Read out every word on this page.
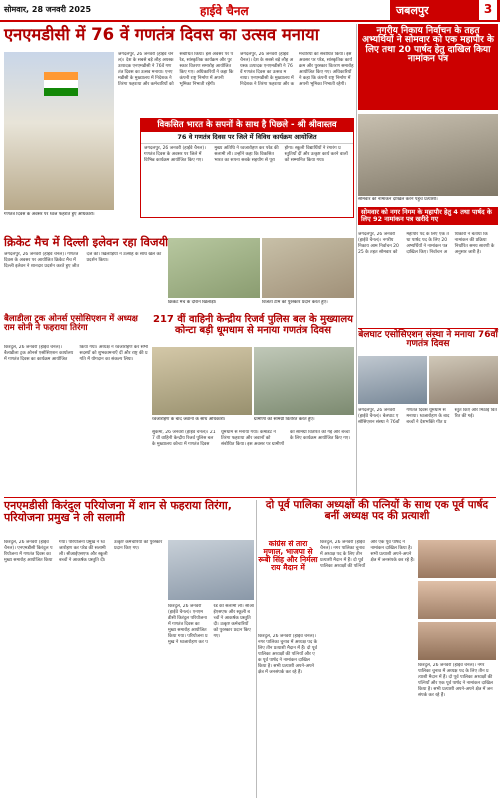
सोमवार, 28 जनवरी 2025	हाईवे चैनल	जबलपुर	3
एनएमडीसी में 76 वें गणतंत्र दिवस का उत्सव मनाया
गणतंत्र दिवस के अवसर पर ध्वज फहराते हुए अधिकारी।
जगदलपुर, 26 जनवरी (हाईवे चैनल)। देश के सबसे बड़े लौह अयस्क उत्पादक एनएमडीसी ने 76वें गणतंत्र दिवस का उत्सव मनाया। एनएमडीसी के मुख्यालय में निदेशक ने तिरंगा फहराया और कर्मचारियों को संबोधित किया। इस अवसर पर परेड, सांस्कृतिक कार्यक्रम और पुरस्कार वितरण समारोह आयोजित किए गए। अधिकारियों ने कहा कि कंपनी राष्ट्र निर्माण में अपनी भूमिका निभाती रहेगी।
जगदलपुर, 26 जनवरी (हाईवे चैनल)। देश के सबसे बड़े लौह अयस्क उत्पादक एनएमडीसी ने 76वें गणतंत्र दिवस का उत्सव मनाया। एनएमडीसी के मुख्यालय में निदेशक ने तिरंगा फहराया और कर्मचारियों को संबोधित किया। इस अवसर पर परेड, सांस्कृतिक कार्यक्रम और पुरस्कार वितरण समारोह आयोजित किए गए। अधिकारियों ने कहा कि कंपनी राष्ट्र निर्माण में अपनी भूमिका निभाती रहेगी।
विकसित भारत के सपनों के साथ है पिछले - श्री श्रीवास्तव
76 वे गणतंत्र दिवस पर जिले में विविध कार्यक्रम आयोजित
जगदलपुर, 26 जनवरी (हाईवे चैनल)। गणतंत्र दिवस के अवसर पर जिले में विभिन्न कार्यक्रम आयोजित किए गए। मुख्य अतिथि ने ध्वजारोहण कर परेड की सलामी ली। उन्होंने कहा कि विकसित भारत का सपना सबके सहयोग से पूरा होगा। स्कूली विद्यार्थियों ने रंगारंग प्रस्तुतियाँ दीं और उत्कृष्ट कार्य करने वालों को सम्मानित किया गया।
क्रिकेट मैच में दिल्ली इलेवन रहा विजयी
जगदलपुर, 26 जनवरी (हाईवे चैनल)। गणतंत्र दिवस के अवसर पर आयोजित क्रिकेट मैच में दिल्ली इलेवन ने शानदार प्रदर्शन करते हुए जीत दर्ज की। खिलाड़ियों ने उत्साह के साथ खेल का प्रदर्शन किया।
क्रिकेट मैच के दौरान खिलाड़ी।	विजेता टीम को पुरस्कार प्रदान करते हुए।
बैलाडीला ट्रक ओनर्स एसोसिएशन में अध्यक्ष राम सोनी ने फहराया तिरंगा
किरंदुल, 26 जनवरी (हाईवे चैनल)। बैलाडीला ट्रक ओनर्स एसोसिएशन कार्यालय में गणतंत्र दिवस का कार्यक्रम आयोजित किया गया। अध्यक्ष ने ध्वजारोहण कर सभी सदस्यों को शुभकामनाएँ दीं और राष्ट्र की प्रगति में योगदान का संकल्प लिया।
217 वीं वाहिनी केन्द्रीय रिजर्व पुलिस बल के मुख्यालय कोन्टा बड़ी धूमधाम से मनाया गणतंत्र दिवस
ध्वजारोहण के बाद जवानों के साथ अधिकारी।	ग्रामीणों को सामग्री वितरित करते हुए।
सुकमा, 26 जनवरी (हाईवे चैनल)। 217 वीं वाहिनी केन्द्रीय रिजर्व पुलिस बल के मुख्यालय कोन्टा में गणतंत्र दिवस धूमधाम से मनाया गया। कमांडेंट ने तिरंगा फहराया और जवानों को संबोधित किया। इस अवसर पर ग्रामीणों को सामग्री वितरित की गई और बच्चों के लिए कार्यक्रम आयोजित किए गए।
एनएमडीसी किरंदुल परियोजना में शान से फहराया तिरंगा, परियोजना प्रमुख ने ली सलामी
किरंदुल, 26 जनवरी (हाईवे चैनल)। एनएमडीसी किरंदुल परियोजना में गणतंत्र दिवस का मुख्य समारोह आयोजित किया गया। परियोजना प्रमुख ने ध्वजारोहण कर परेड की सलामी ली। सीआईएसएफ और स्कूली बच्चों ने आकर्षक प्रस्तुति दी। उत्कृष्ट कर्मचारियों को पुरस्कार प्रदान किए गए।
किरंदुल, 26 जनवरी (हाईवे चैनल)। एनएमडीसी किरंदुल परियोजना में गणतंत्र दिवस का मुख्य समारोह आयोजित किया गया। परियोजना प्रमुख ने ध्वजारोहण कर परेड की सलामी ली। सीआईएसएफ और स्कूली बच्चों ने आकर्षक प्रस्तुति दी। उत्कृष्ट कर्मचारियों को पुरस्कार प्रदान किए गए।
दो पूर्व पालिका अध्यक्षों की पत्नियों के साथ एक पूर्व पार्षद बनीं अध्यक्ष पद की प्रत्याशी
कांग्रेस से तारा मृणाल, भाजपा से रूबी सिंह और निर्मला राय मैदान में
किरंदुल, 26 जनवरी (हाईवे चैनल)। नगर पालिका चुनाव में अध्यक्ष पद के लिए तीन प्रत्याशी मैदान में हैं। दो पूर्व पालिका अध्यक्षों की पत्नियाँ और एक पूर्व पार्षद ने नामांकन दाखिल किया है। सभी प्रत्याशी अपने-अपने क्षेत्र में जनसंपर्क कर रहे हैं।
किरंदुल, 26 जनवरी (हाईवे चैनल)। नगर पालिका चुनाव में अध्यक्ष पद के लिए तीन प्रत्याशी मैदान में हैं। दो पूर्व पालिका अध्यक्षों की पत्नियाँ और एक पूर्व पार्षद ने नामांकन दाखिल किया है। सभी प्रत्याशी अपने-अपने क्षेत्र में जनसंपर्क कर रहे हैं।
किरंदुल, 26 जनवरी (हाईवे चैनल)। नगर पालिका चुनाव में अध्यक्ष पद के लिए तीन प्रत्याशी मैदान में हैं। दो पूर्व पालिका अध्यक्षों की पत्नियाँ और एक पूर्व पार्षद ने नामांकन दाखिल किया है। सभी प्रत्याशी अपने-अपने क्षेत्र में जनसंपर्क कर रहे हैं।
नगरीय निकाय निर्वाचन के तहत अभ्यर्थियों ने सोमवार को एक महापौर के लिए तथा 20 पार्षद हेतु दाखिल किया नामांकन पत्र
सोमवार को नामांकन दाखिल करने पहुंचे प्रत्याशी।
सोमवार को नगर निगम के महापौर हेतु 4 तथा पार्षद के लिए 92 नामांकन पत्र खरीदे गए
जगदलपुर, 26 जनवरी (हाईवे चैनल)। नगरीय निकाय आम निर्वाचन 2025 के तहत सोमवार को महापौर पद के लिए एक तथा पार्षद पद के लिए 20 अभ्यर्थियों ने नामांकन पत्र दाखिल किए। निर्वाचन अधिकारी ने बताया कि नामांकन की प्रक्रिया निर्धारित समय सारणी के अनुसार जारी है।
बेलघाट एसोसिएशन संस्था ने मनाया 76वाँ गणतंत्र दिवस
जगदलपुर, 26 जनवरी (हाईवे चैनल)। बेलघाट एसोसिएशन संस्था ने 76वाँ गणतंत्र दिवस धूमधाम से मनाया। ध्वजारोहण के बाद बच्चों ने देशभक्ति गीत प्रस्तुत किए और मिठाई वितरित की गई।
